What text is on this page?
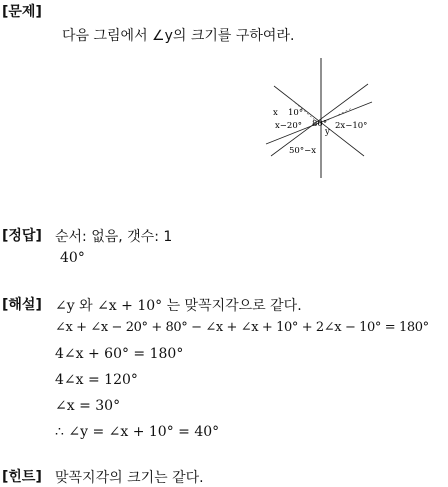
[문제]
다음 그림에서 ∠y의 크기를 구하여라.
x 10°
x−20° 80° 2x−10°
y
50°−x
[정답] 순서: 없음, 갯수: 1
40°
[해설] ∠y 와 ∠x + 10° 는 맞꼭지각으로 같다.
∠x + ∠x − 20° + 80° − ∠x + ∠x + 10° + 2∠x − 10° = 180°
4∠x + 60° = 180°
4∠x = 120°
∠x = 30°
∴ ∠y = ∠x + 10° = 40°
[힌트] 맞꼭지각의 크기는 같다.
